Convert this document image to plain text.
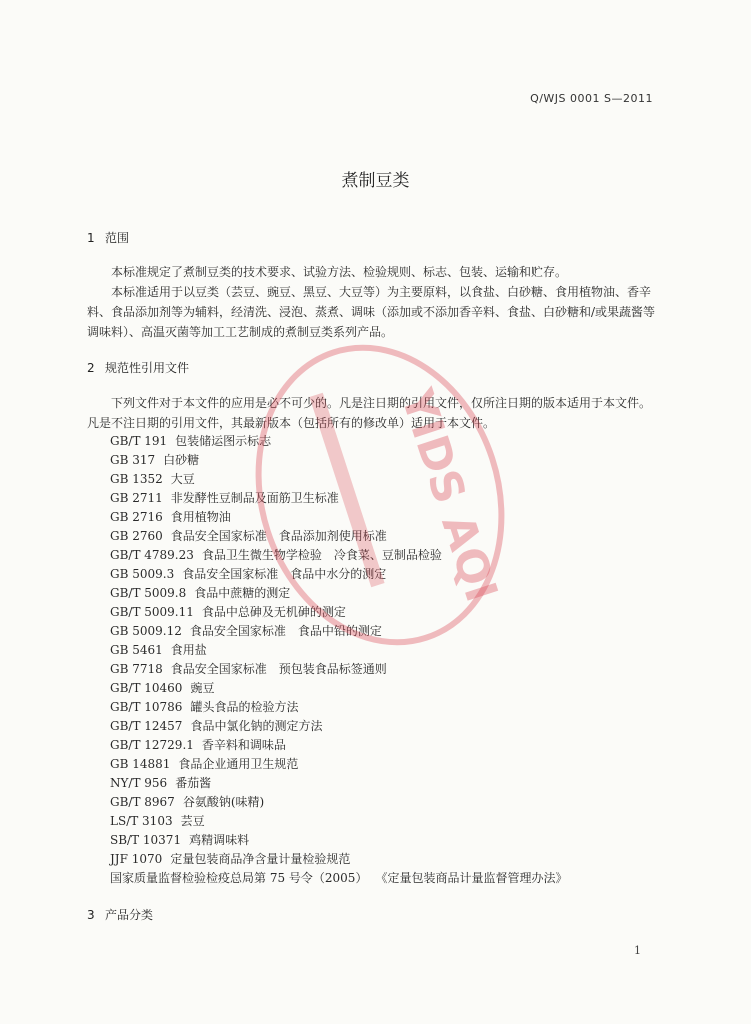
Q/WJS 0001 S—2011
煮制豆类
1 范围

本标准规定了煮制豆类的技术要求、试验方法、检验规则、标志、包装、运输和贮存。

本标准适用于以豆类（芸豆、豌豆、黑豆、大豆等）为主要原料，以食盐、白砂糖、食用植物油、香辛料、食品添加剂等为辅料，经清洗、浸泡、蒸煮、调味（添加或不添加香辛料、食盐、白砂糖和/或果蔬酱等调味料）、高温灭菌等加工工艺制成的煮制豆类系列产品。

2 规范性引用文件

下列文件对于本文件的应用是必不可少的。凡是注日期的引用文件，仅所注日期的版本适用于本文件。凡是不注日期的引用文件，其最新版本（包括所有的修改单）适用于本文件。

GB/T 191 包装储运图示标志
GB 317 白砂糖
GB 1352 大豆
GB 2711 非发酵性豆制品及面筋卫生标准
GB 2716 食用植物油
GB 2760 食品安全国家标准　食品添加剂使用标准
GB/T 4789.23 食品卫生微生物学检验　冷食菜、豆制品检验
GB 5009.3 食品安全国家标准　食品中水分的测定
GB/T 5009.8 食品中蔗糖的测定
GB/T 5009.11 食品中总砷及无机砷的测定
GB 5009.12 食品安全国家标准　食品中铅的测定
GB 5461 食用盐
GB 7718 食品安全国家标准　预包装食品标签通则
GB/T 10460 豌豆
GB/T 10786 罐头食品的检验方法
GB/T 12457 食品中氯化钠的测定方法
GB/T 12729.1 香辛料和调味品
GB 14881 食品企业通用卫生规范
NY/T 956 番茄酱
GB/T 8967 谷氨酸钠(味精)
LS/T 3103 芸豆
SB/T 10371 鸡精调味料
JJF 1070 定量包装商品净含量计量检验规范
国家质量监督检验检疫总局第 75 号令（2005） 《定量包装商品计量监督管理办法》
3 产品分类
1
YIDS AQI
